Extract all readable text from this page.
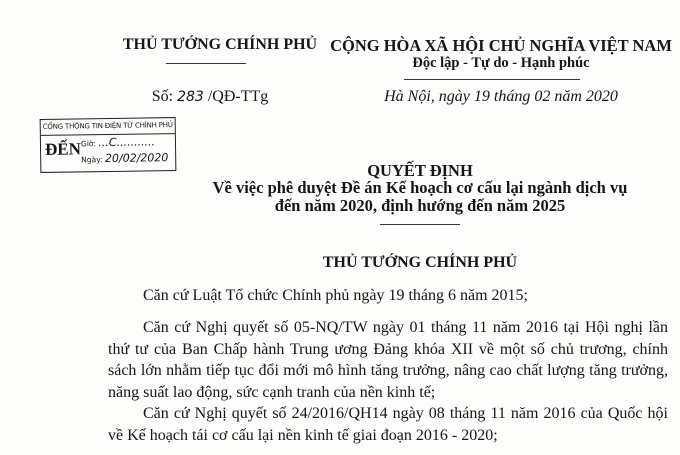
THỦ TƯỚNG CHÍNH PHỦ
Số: 283 /QĐ-TTg
CỘNG HÒA XÃ HỘI CHỦ NGHĨA VIỆT NAM
Độc lập - Tự do - Hạnh phúc
Hà Nội, ngày 19 tháng 02 năm 2020
CỔNG THÔNG TIN ĐIỆN TỬ CHÍNH PHỦ
ĐẾN Giờ: ...C...........
Ngày: 20/02/2020
QUYẾT ĐỊNH
Về việc phê duyệt Đề án Kế hoạch cơ cấu lại ngành dịch vụ
đến năm 2020, định hướng đến năm 2025
THỦ TƯỚNG CHÍNH PHỦ
Căn cứ Luật Tổ chức Chính phủ ngày 19 tháng 6 năm 2015;
Căn cứ Nghị quyết số 05-NQ/TW ngày 01 tháng 11 năm 2016 tại Hội nghị lần thứ tư của Ban Chấp hành Trung ương Đảng khóa XII về một số chủ trương, chính sách lớn nhằm tiếp tục đổi mới mô hình tăng trưởng, nâng cao chất lượng tăng trưởng, năng suất lao động, sức cạnh tranh của nền kinh tế;
Căn cứ Nghị quyết số 24/2016/QH14 ngày 08 tháng 11 năm 2016 của Quốc hội về Kế hoạch tái cơ cấu lại nền kinh tế giai đoạn 2016 - 2020;
